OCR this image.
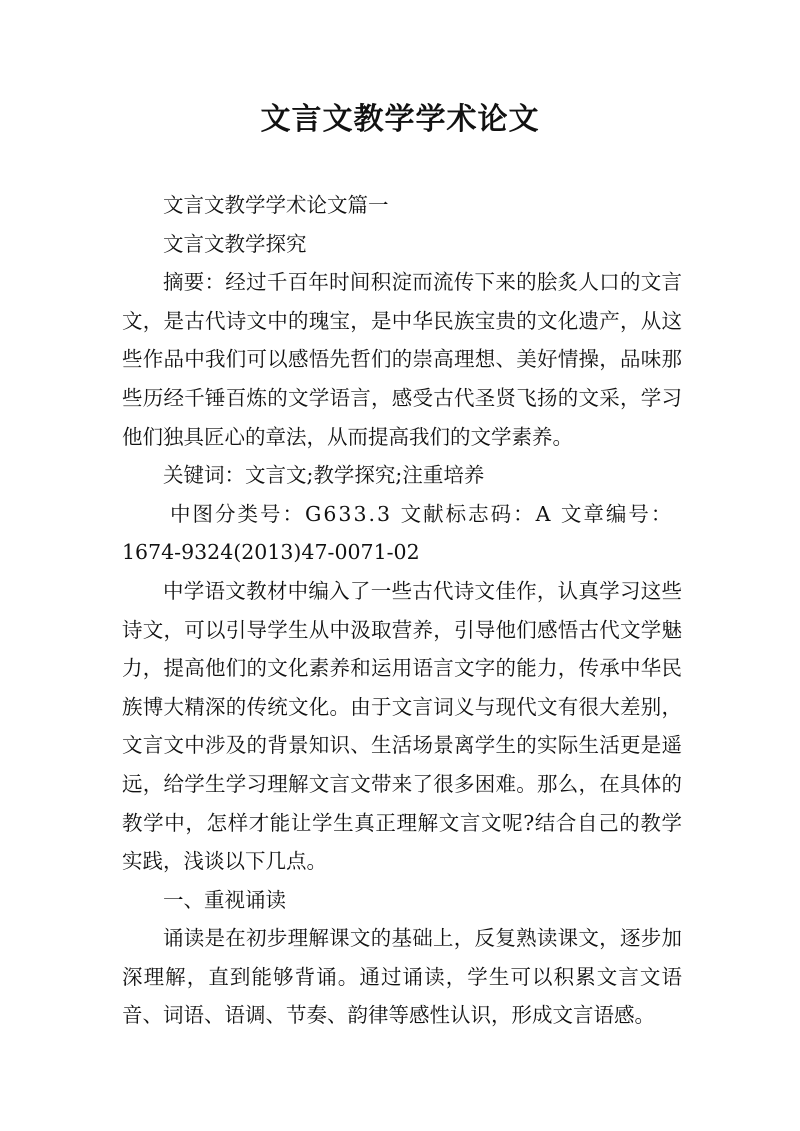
文言文教学学术论文

文言文教学学术论文篇一

文言文教学探究

摘要：经过千百年时间积淀而流传下来的脍炙人口的文言文，是古代诗文中的瑰宝，是中华民族宝贵的文化遗产，从这些作品中我们可以感悟先哲们的崇高理想、美好情操，品味那些历经千锤百炼的文学语言，感受古代圣贤飞扬的文采，学习他们独具匠心的章法，从而提高我们的文学素养。

关键词：文言文;教学探究;注重培养

中图分类号：G633.3 文献标志码：A 文章编号：

1674-9324(2013)47-0071-02

中学语文教材中编入了一些古代诗文佳作，认真学习这些诗文，可以引导学生从中汲取营养，引导他们感悟古代文学魅力，提高他们的文化素养和运用语言文字的能力，传承中华民族博大精深的传统文化。由于文言词义与现代文有很大差别，文言文中涉及的背景知识、生活场景离学生的实际生活更是遥远，给学生学习理解文言文带来了很多困难。那么，在具体的教学中，怎样才能让学生真正理解文言文呢?结合自己的教学实践，浅谈以下几点。

一、重视诵读

诵读是在初步理解课文的基础上，反复熟读课文，逐步加深理解，直到能够背诵。通过诵读，学生可以积累文言文语音、词语、语调、节奏、韵律等感性认识，形成文言语感。
